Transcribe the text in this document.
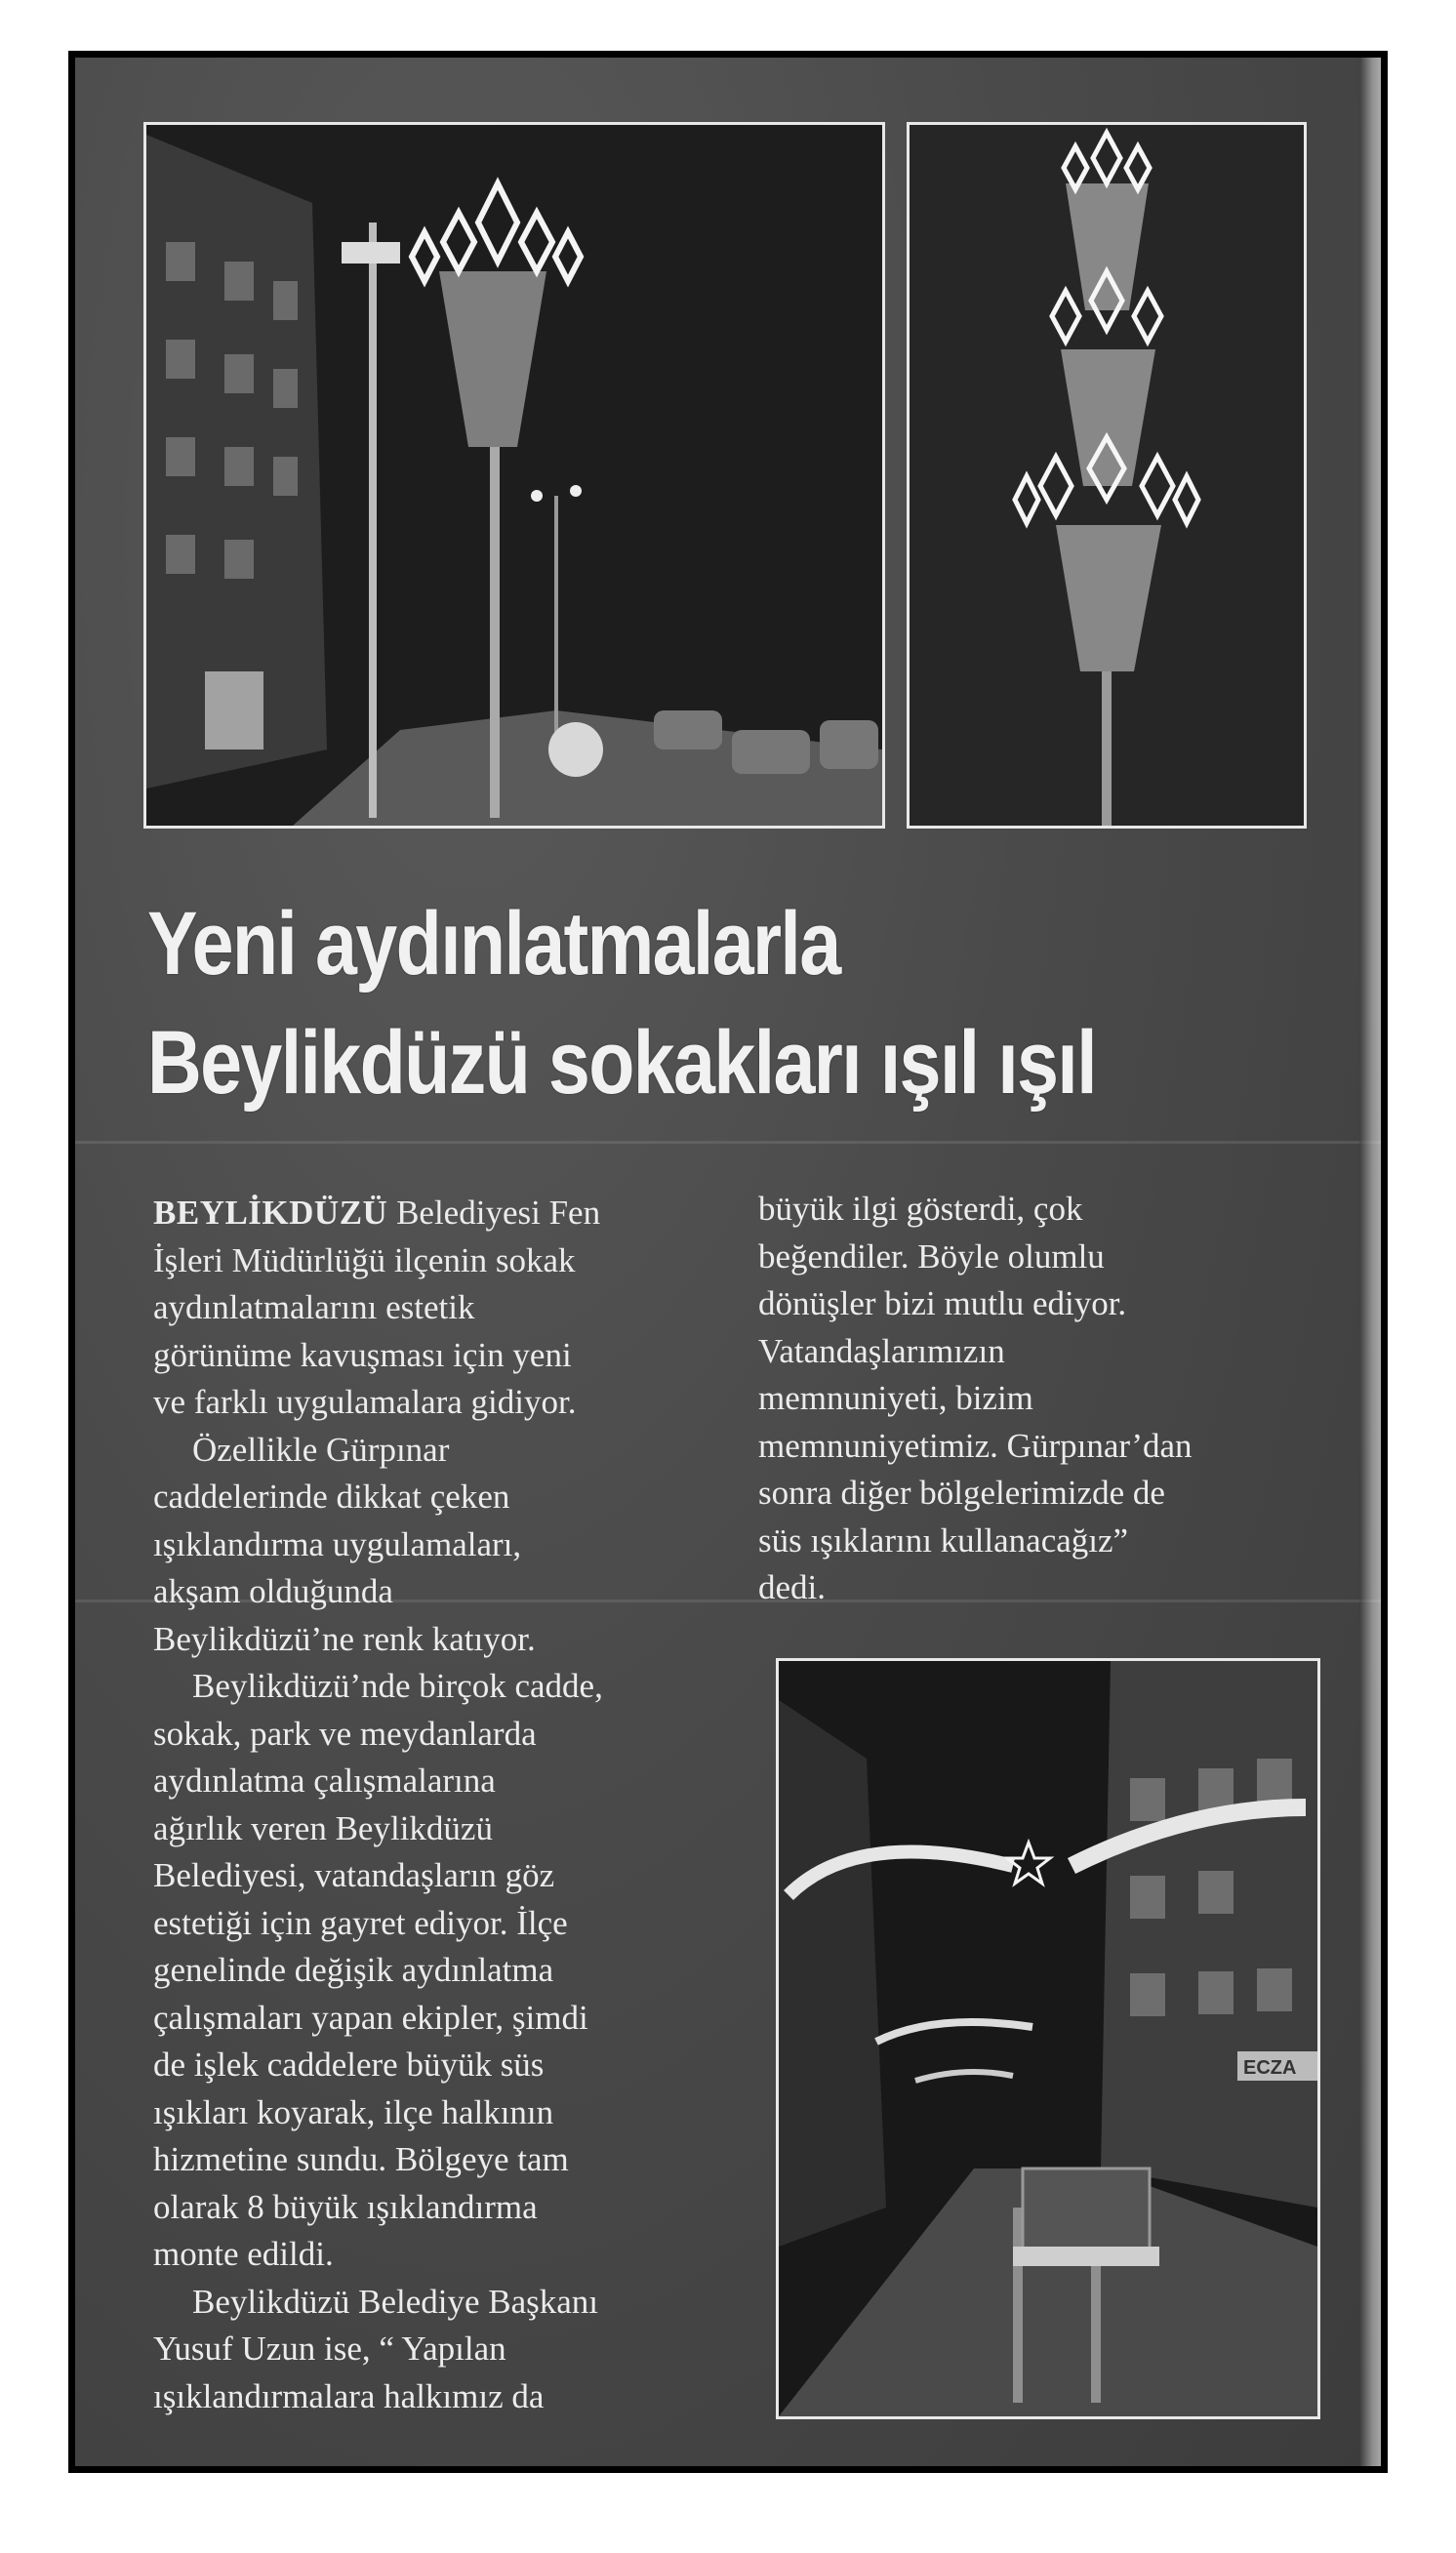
Yeni aydınlatmalarla
Beylikdüzü sokakları ışıl ışıl
BEYLİKDÜZÜ Belediyesi Fen
İşleri Müdürlüğü ilçenin sokak
aydınlatmalarını estetik
görünüme kavuşması için yeni
ve farklı uygulamalara gidiyor.
Özellikle Gürpınar
caddelerinde dikkat çeken
ışıklandırma uygulamaları,
akşam olduğunda
Beylikdüzü’ne renk katıyor.
Beylikdüzü’nde birçok cadde,
sokak, park ve meydanlarda
aydınlatma çalışmalarına
ağırlık veren Beylikdüzü
Belediyesi, vatandaşların göz
estetiği için gayret ediyor. İlçe
genelinde değişik aydınlatma
çalışmaları yapan ekipler, şimdi
de işlek caddelere büyük süs
ışıkları koyarak, ilçe halkının
hizmetine sundu. Bölgeye tam
olarak 8 büyük ışıklandırma
monte edildi.
Beylikdüzü Belediye Başkanı
Yusuf Uzun ise, “ Yapılan
ışıklandırmalara halkımız da
büyük ilgi gösterdi, çok
beğendiler. Böyle olumlu
dönüşler bizi mutlu ediyor.
Vatandaşlarımızın
memnuniyeti, bizim
memnuniyetimiz. Gürpınar’dan
sonra diğer bölgelerimizde de
süs ışıklarını kullanacağız”
dedi.
ECZA
